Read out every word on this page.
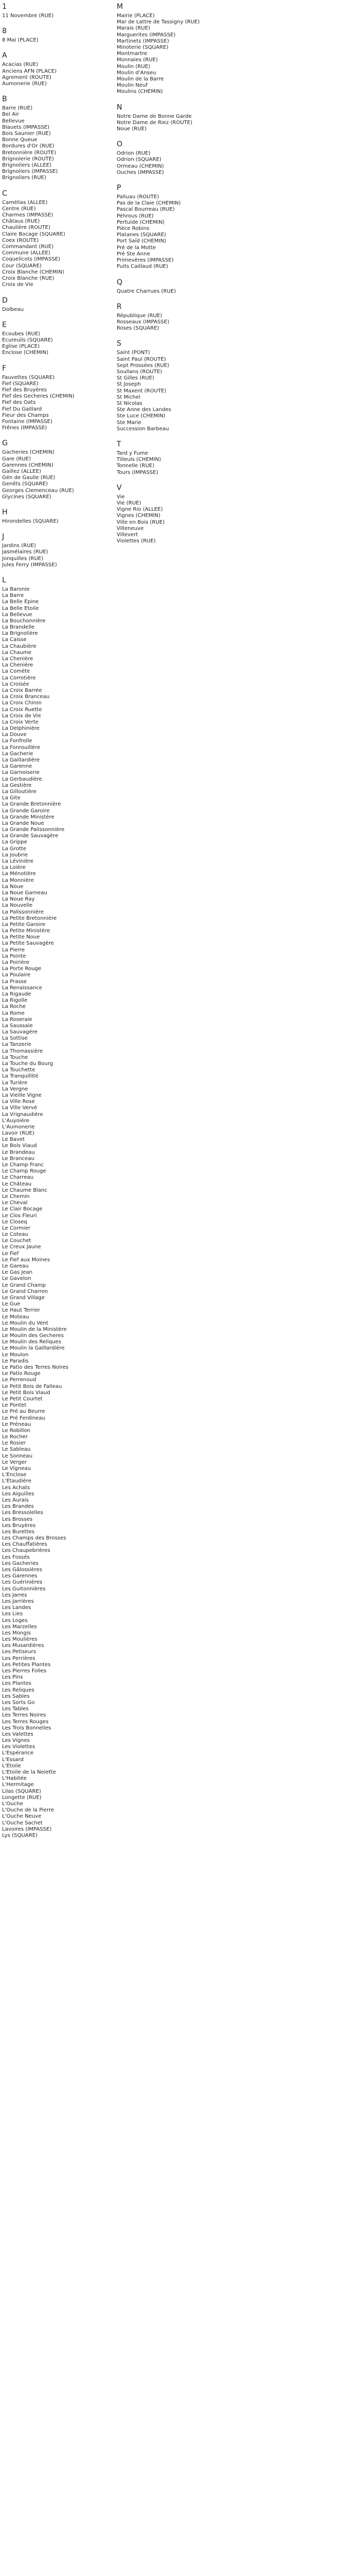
1
11 Novembre (RUE)
8
8 Mai (PLACE)
A
Acacias (RUE)
Anciens AFN (PLACE)
Agrement (ROUTE)
Aumonerie (RUE)
B
Barre (RUE)
Bel Air
Bellevue
Blauets (IMPASSE)
Bois Saunier (RUE)
Bonne Queue
Bordures d'Or (RUE)
Bretonnière (ROUTE)
Brignolerie (ROUTE)
Brignoliers (ALLEE)
Brignoliers (IMPASSE)
Brignoliers (RUE)
C
Camélias (ALLEE)
Centre (RUE)
Charmes (IMPASSE)
Châtaus (RUE)
Chaulière (ROUTE)
Claire Bocage (SQUARE)
Coex (ROUTE)
Commandant (RUE)
Commune (ALLEE)
Coquelicots (IMPASSE)
Cour (SQUARE)
Croix Blanche (CHEMIN)
Croix Blanche (RUE)
Croix de Vie
D
Dolbeau
E
Ecoubes (RUE)
Ecureuils (SQUARE)
Eglise (PLACE)
Enclose (CHEMIN)
F
Fauvettes (SQUARE)
Fief (SQUARE)
Fief des Bruyères
Fief des Gecheres (CHEMIN)
Fief des Oats
Fief Du Gaillard
Fleur des Champs
Fontaine (IMPASSE)
Frênes (IMPASSE)
G
Gacheries (CHEMIN)
Gare (RUE)
Garennes (CHEMIN)
Gaillez (ALLEE)
Gén de Gaulle (RUE)
Genêts (SQUARE)
Georges Clemenceau (RUE)
Glycines (SQUARE)
H
Hirondelles (SQUARE)
J
Jardins (RUE)
Jasmélaires (RUE)
Jonquilles (RUE)
Jules Ferry (IMPASSE)
L
La Baronie
La Barre
La Belle Epine
La Belle Etoile
La Bellevue
La Bouchonnière
La Brandelle
La Brignolière
La Caisse
La Chaubière
La Chaume
La Chenière
La Chenière
La Comète
La Corrotière
La Croisée
La Croix Barrée
La Croix Branceau
La Croix Chiron
La Croix Ruette
La Croix de Vie
La Croix Verte
La Delphinière
La Douve
La Fonfrolle
La Fonrouillère
La Gacherie
La Gaillardière
La Garenne
La Garnoiserie
La Gerbaudière
La Gestière
La Gilloutière
La Gite
La Grande Bretonnière
La Grande Garoire
La Grande Ministère
La Grande Noue
La Grande Palissonnière
La Grande Sauvagère
La Grippe
La Grotte
La Joubrie
La Lévinière
La Loière
La Ménotière
La Monnière
La Noue
La Noue Garneau
La Noue Ray
La Nouvelle
La Palissonnière
La Petite Bretonnière
La Petite Garoire
La Petite Ministère
La Petite Noue
La Petite Sauvagère
La Pierre
La Pointe
La Poirière
La Porte Rouge
La Poulaire
La Prasse
La Renaissance
La Rigaude
La Rigolle
La Roche
La Rome
La Roseraie
La Saussaie
La Sauvagère
La Sottise
La Tanzerie
La Thomassière
La Touche
La Touche du Bourg
La Touchette
La Tranquillité
La Turière
La Vergne
La Vieille Vigne
La Ville Rose
La Ville Vervé
La Vrignaudière
L'Auyoière
L'Aumonerie
Lavoir (RUE)
Le Bavet
Le Bois Viaud
Le Brandeau
Le Branceau
Le Champ Franc
Le Champ Rouge
Le Charreau
Le Château
Le Chaume Blanc
Le Chemin
Le Cheval
Le Clair Bocage
Le Clos Fleuri
Le Closeq
Le Cormier
Le Coteau
Le Couchet
Le Creux Jaune
Le Fief
Le Fief aux Moines
Le Gareau
Le Gas Jean
Le Gavelon
Le Grand Champ
Le Grand Charron
Le Grand Village
Le Gue
Le Haut Terrier
Le Moteau
Le Moulin du Vent
Le Moulin de la Ministère
Le Moulin des Gecheres
Le Moulin des Reliques
Le Moulin la Gaillardière
Le Moulon
Le Paradis
Le Patio des Terres Noires
Le Patio Rouge
Le Perrenoud
Le Petit Bois de Falleau
Le Petit Bois Viaud
Le Petit Courtet
Le Pontet
Le Pré au Beurre
Le Pré Ferdineau
Le Préneau
Le Robillon
Le Rocher
Le Rosier
Le Sableau
Le Sonneau
Le Verger
Le Vigneau
L'Enclose
L'Etaudière
Les Achats
Les Aiguilles
Les Aurais
Les Brandes
Les Bressolelles
Les Brosses
Les Bruyères
Les Burettes
Les Champs des Brosses
Les Chauffatières
Les Chaupebrières
Les Fossés
Les Gacheries
Les Gâlossières
Les Garennes
Les Guérinières
Les Guitonnières
Les Jarres
Les Jarrières
Les Landes
Les Lies
Les Loges
Les Marzelles
Les Mongis
Les Moulières
Les Musardières
Les Petiseurs
Les Perrières
Les Petites Plantes
Les Pierres Folles
Les Pins
Les Plantes
Les Reliques
Les Sables
Les Sorts Go
Les Tables
Les Terres Noires
Les Terres Rouges
Les Trois Bonnelles
Les Valettes
Les Vignes
Les Violettes
L'Espérance
L'Essard
L'Etoile
L'Etoile de la Noiette
L'Habitée
L'Hermitage
Lilas (SQUARE)
Longette (RUE)
L'Ouche
L'Ouche de la Pierre
L'Ouche Neuve
L'Ouche Sachet
Lavoires (IMPASSE)
Lys (SQUARE)
M
Mairie (PLACE)
Mar de Lattre de Tassigny (RUE)
Marais (RUE)
Marguerites (IMPASSE)
Martinets (IMPASSE)
Minoterie (SQUARE)
Montmartre
Monnaies (RUE)
Moulin (RUE)
Moulin d'Anseu
Moulin de la Barre
Moulin Neuf
Moulins (CHEMIN)
N
Notre Dame de Bonne Garde
Notre Dame de Riez (ROUTE)
Noue (RUE)
O
Odrion (RUE)
Odrion (SQUARE)
Ormeau (CHEMIN)
Ouches (IMPASSE)
P
Palluau (ROUTE)
Pas de la Claie (CHEMIN)
Pascal Bourreau (RUE)
Péhrous (RUE)
Pertuide (CHEMIN)
Pièce Robins
Platanes (SQUARE)
Port Saïd (CHEMIN)
Pré de la Motte
Pré Ste Anne
Primevères (IMPASSE)
Puits Caillaud (RUE)
Q
Quatre Charrues (RUE)
R
République (RUE)
Rosseaux (IMPASSE)
Roses (SQUARE)
S
Saint (PONT)
Saint Paul (ROUTE)
Sept Prossées (RUE)
Soullans (ROUTE)
St Gilles (RUE)
St Joseph
St Maxent (ROUTE)
St Michel
St Nicolas
Ste Anne des Landes
Ste Luce (CHEMIN)
Ste Marie
Succession Barbeau
T
Tard y Fume
Tilleuls (CHEMIN)
Tonnelle (RUE)
Tours (IMPASSE)
V
Vie
Vie (RUE)
Vigne Rio (ALLEE)
Vignes (CHEMIN)
Ville en Bois (RUE)
Villeneuve
Villevert
Violettes (RUE)
